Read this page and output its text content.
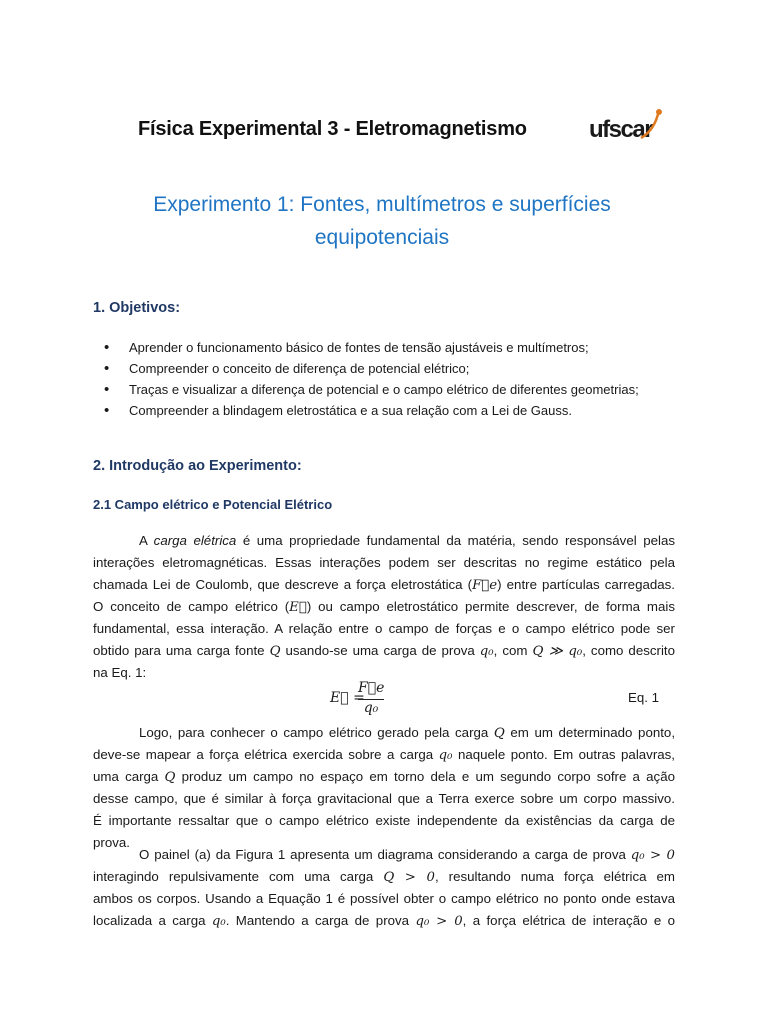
Física Experimental 3 - Eletromagnetismo	ufscar
Experimento 1: Fontes, multímetros e superfícies
equipotenciais
1. Objetivos:
• Aprender o funcionamento básico de fontes de tensão ajustáveis e multímetros;
• Compreender o conceito de diferença de potencial elétrico;
• Traças e visualizar a diferença de potencial e o campo elétrico de diferentes geometrias;
• Compreender a blindagem eletrostática e a sua relação com a Lei de Gauss.
2. Introdução ao Experimento:
2.1 Campo elétrico e Potencial Elétrico
A carga elétrica é uma propriedade fundamental da matéria, sendo responsável pelas
interações eletromagnéticas. Essas interações podem ser descritas no regime estático pela
chamada Lei de Coulomb, que descreve a força eletrostática (F⃗e) entre partículas carregadas.
O conceito de campo elétrico (E⃗) ou campo eletrostático permite descrever, de forma mais
fundamental, essa interação. A relação entre o campo de forças e o campo elétrico pode ser
obtido para uma carga fonte Q usando-se uma carga de prova q₀, com Q ≫ q₀, como descrito
na Eq. 1:
E⃗ =
$\frac{F⃗e}{\text{q₀}}$	Eq. 1
Logo, para conhecer o campo elétrico gerado pela carga Q em um determinado ponto,
deve-se mapear a força elétrica exercida sobre a carga q₀ naquele ponto. Em outras palavras,
uma carga Q produz um campo no espaço em torno dela e um segundo corpo sofre a ação
desse campo, que é similar à força gravitacional que a Terra exerce sobre um corpo massivo.
É importante ressaltar que o campo elétrico existe independente da existências da carga de
prova.
O painel (a) da Figura 1 apresenta um diagrama considerando a carga de prova q₀ > 0
interagindo repulsivamente com uma carga Q > 0, resultando numa força elétrica em
ambos os corpos. Usando a Equação 1 é possível obter o campo elétrico no ponto onde estava
localizada a carga q₀. Mantendo a carga de prova q₀ > 0, a força elétrica de interação e o
